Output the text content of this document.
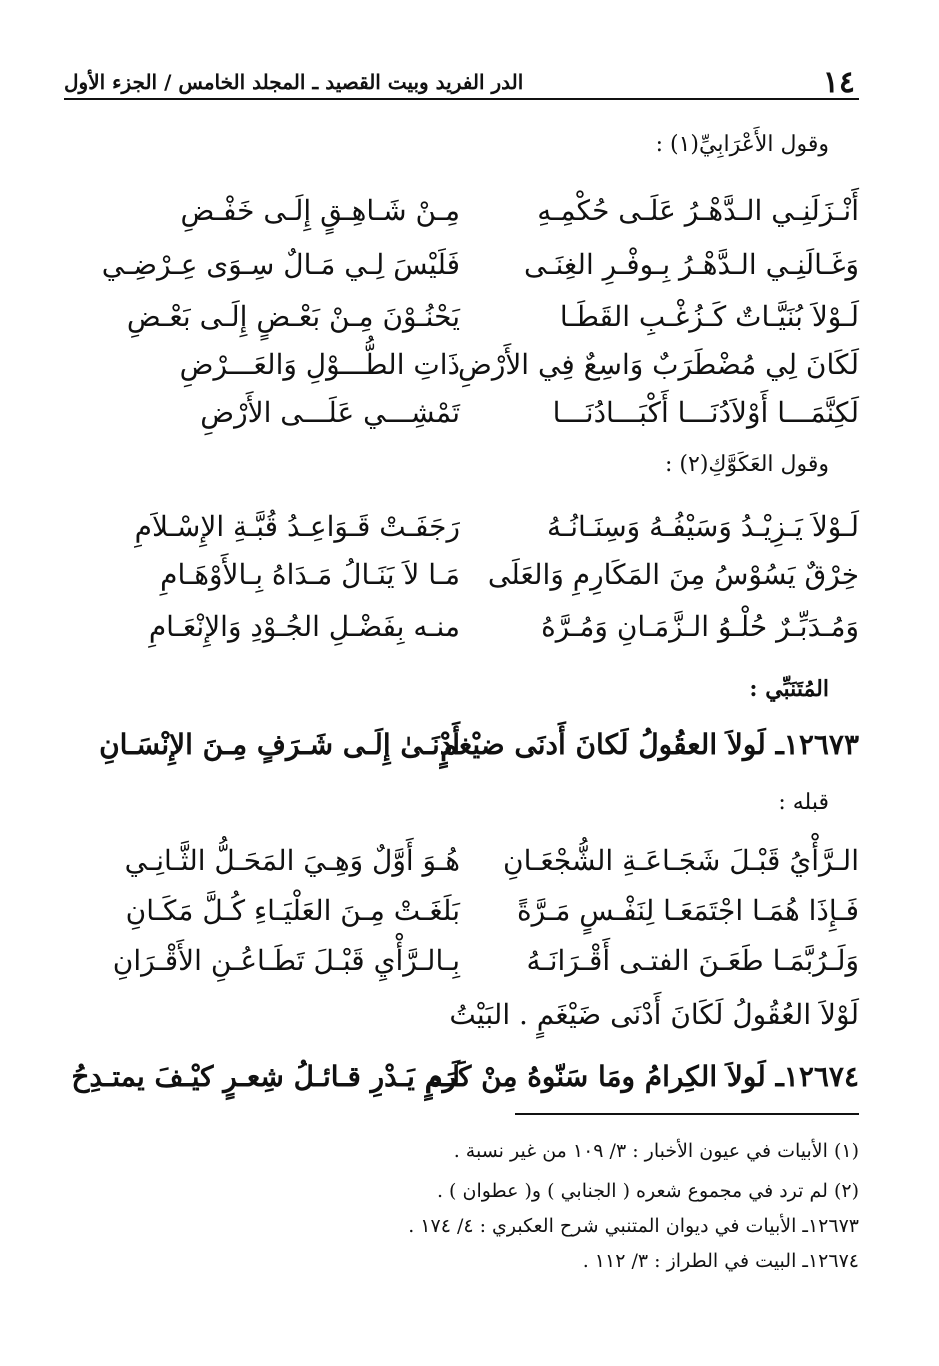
١٤
الدر الفريد وبيت القصيد ـ المجلد الخامس / الجزء الأول
وقول الأَعْرَابِيِّ(١) :
أَنْـزَلَنِـي الـدَّهْـرُ عَلَـى حُكْمِـهِ
مِـنْ شَـاهِـقٍ إِلَـى خَفْـضِ
وَغَـالَنِـي الـدَّهْـرُ بِـوفْـرِ الغِنَـى
فَلَيْسَ لِـي مَـالٌ سِـوَى عِـرْضِـي
لَـوْلاَ بُنَيَّـاتٌ كَـزُغْـبِ القَطَـا
يَحْنُـوْنَ مِـنْ بَعْـضٍ إِلَـى بَعْـضِ
لَكَانَ لِي مُضْطَرَبٌ وَاسِعٌ فِي الأَرْضِ
ذَاتِ الطُّـــوْلِ وَالعَـــرْضِ
لَكِنَّمَـــا أَوْلاَدُنَـــا أَكْبَـــادُنَـــا
تَمْشِـــي عَلَـــى الأَرْضِ
وقول العَكَوَّكِ(٢) :
لَـوْلاَ يَـزِيْـدُ وَسَيْفُـهُ وَسِنَـانُـهُ
رَجَفَـتْ قَـوَاعِـدُ قُبَّـةِ الإِسْـلاَمِ
خِرْقٌ يَسُوْسُ مِنَ المَكَارِمِ وَالعَلَى
مَـا لاَ يَنَـالُ مَـدَاهُ بِـالأَوْهَـامِ
وَمُـدَبِّـرٌ حُلْـوُ الـزَّمَـانِ وَمُـرَّهُ
منـه بِفَضْـلِ الجُـوْدِ وَالإِنْعَـامِ
المُتَنَبِّي :
١٢٦٧٣ـ لَولاَ العقُولُ لَكانَ أَدنَى ضيْغمٍ
أَدْنَـىٰ إِلَـى شَـرَفٍ مِـنَ الإِنْسَـانِ
قبله :
الـرَّأْيُ قَبْـلَ شَجَـاعَـةِ الشُّجْعَـانِ
هُـوَ أَوَّلٌ وَهِـيَ المَحَـلُّ الثَّـانِـي
فَـإِذَا هُمَـا اجْتَمَعَـا لِنَفْـسٍ مَـرَّةً
بَلَغَـتْ مِـنَ العَلْيَـاءِ كُـلَّ مَكَـانِ
وَلَـرُبَّمَـا طَعَـنَ الفتـى أَقْـرَانَـهُ
بِـالـرَّأْيِ قَبْـلَ تَطَـاعُـنِ الأَقْـرَانِ
لَوْلاَ العُقُولُ لَكَانَ أَدْنَى ضَيْغَمٍ . البَيْتُ
١٢٦٧٤ـ لَولاَ الكِرامُ ومَا سَنّوهُ مِنْ كَرَمٍ
لَـم يَـدْرِ قـائـلُ شِعـرٍ كيْـفَ يمتـدِحُ
(١) الأبيات في عيون الأخبار : ٣/ ١٠٩ من غير نسبة .
(٢) لم ترد في مجموع شعره ( الجنابي ) و( عطوان ) .
١٢٦٧٣ـ الأبيات في ديوان المتنبي شرح العكبري : ٤/ ١٧٤ .
١٢٦٧٤ـ البيت في الطراز : ٣/ ١١٢ .
